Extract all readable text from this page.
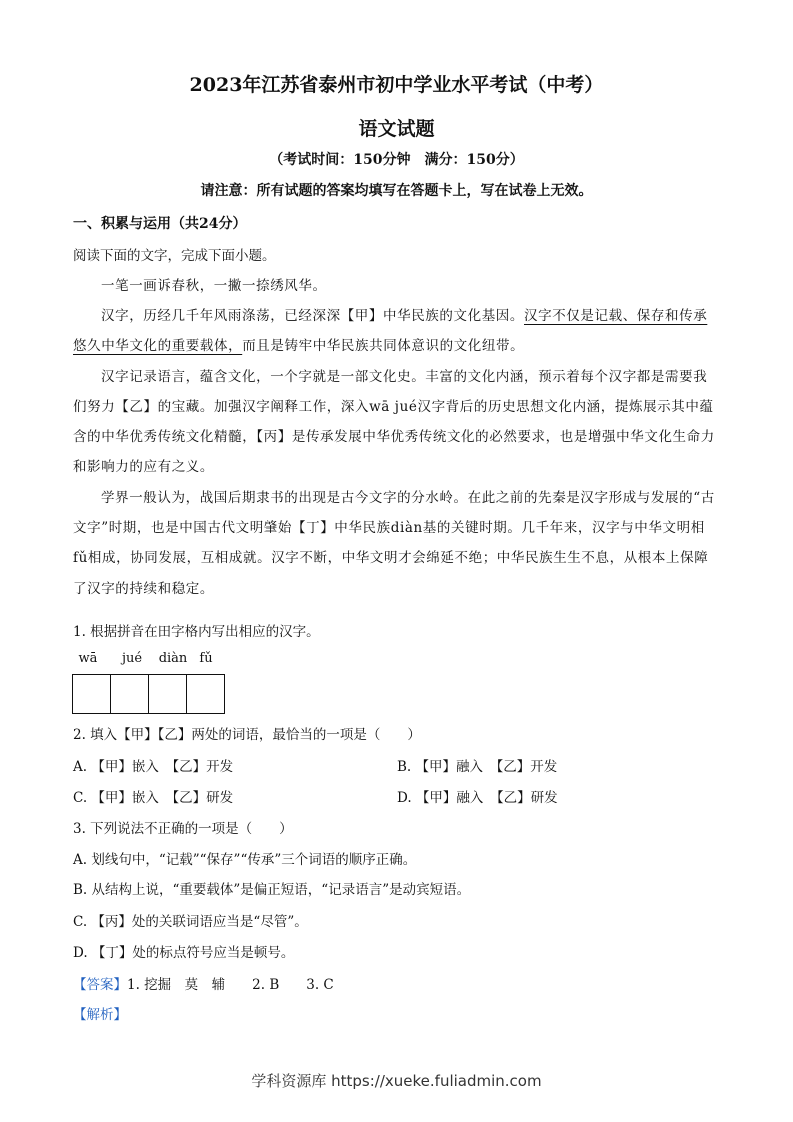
2023年江苏省泰州市初中学业水平考试（中考）
语文试题
（考试时间：150分钟　满分：150分）
请注意：所有试题的答案均填写在答题卡上，写在试卷上无效。
一、积累与运用（共24分）
阅读下面的文字，完成下面小题。
一笔一画诉春秋，一撇一捺绣风华。
汉字，历经几千年风雨涤荡，已经深深【甲】中华民族的文化基因。汉字不仅是记载、保存和传承悠久中华文化的重要载体，而且是铸牢中华民族共同体意识的文化纽带。
汉字记录语言，蕴含文化，一个字就是一部文化史。丰富的文化内涵，预示着每个汉字都是需要我们努力【乙】的宝藏。加强汉字阐释工作，深入wā jué汉字背后的历史思想文化内涵，提炼展示其中蕴含的中华优秀传统文化精髓，【丙】是传承发展中华优秀传统文化的必然要求，也是增强中华文化生命力和影响力的应有之义。
学界一般认为，战国后期隶书的出现是古今文字的分水岭。在此之前的先秦是汉字形成与发展的“古文字”时期，也是中国古代文明肇始【丁】中华民族diàn基的关键时期。几千年来，汉字与中华文明相fǔ相成，协同发展，互相成就。汉字不断，中华文明才会绵延不绝；中华民族生生不息，从根本上保障了汉字的持续和稳定。
1. 根据拼音在田字格内写出相应的汉字。
wā	jué	diàn fǔ
2. 填入【甲】【乙】两处的词语，最恰当的一项是（　　）
A. 【甲】嵌入　【乙】开发	B. 【甲】融入　【乙】开发
C. 【甲】嵌入　【乙】研发	D. 【甲】融入　【乙】研发
3. 下列说法不正确的一项是（　　）
A. 划线句中，“记载”“保存”“传承”三个词语的顺序正确。
B. 从结构上说，“重要载体”是偏正短语，“记录语言”是动宾短语。
C. 【丙】处的关联词语应当是“尽管”。
D. 【丁】处的标点符号应当是顿号。
【答案】1. 挖掘　莫　辅　　2. B　　3. C
【解析】
学科资源库 https://xueke.fuliadmin.com
